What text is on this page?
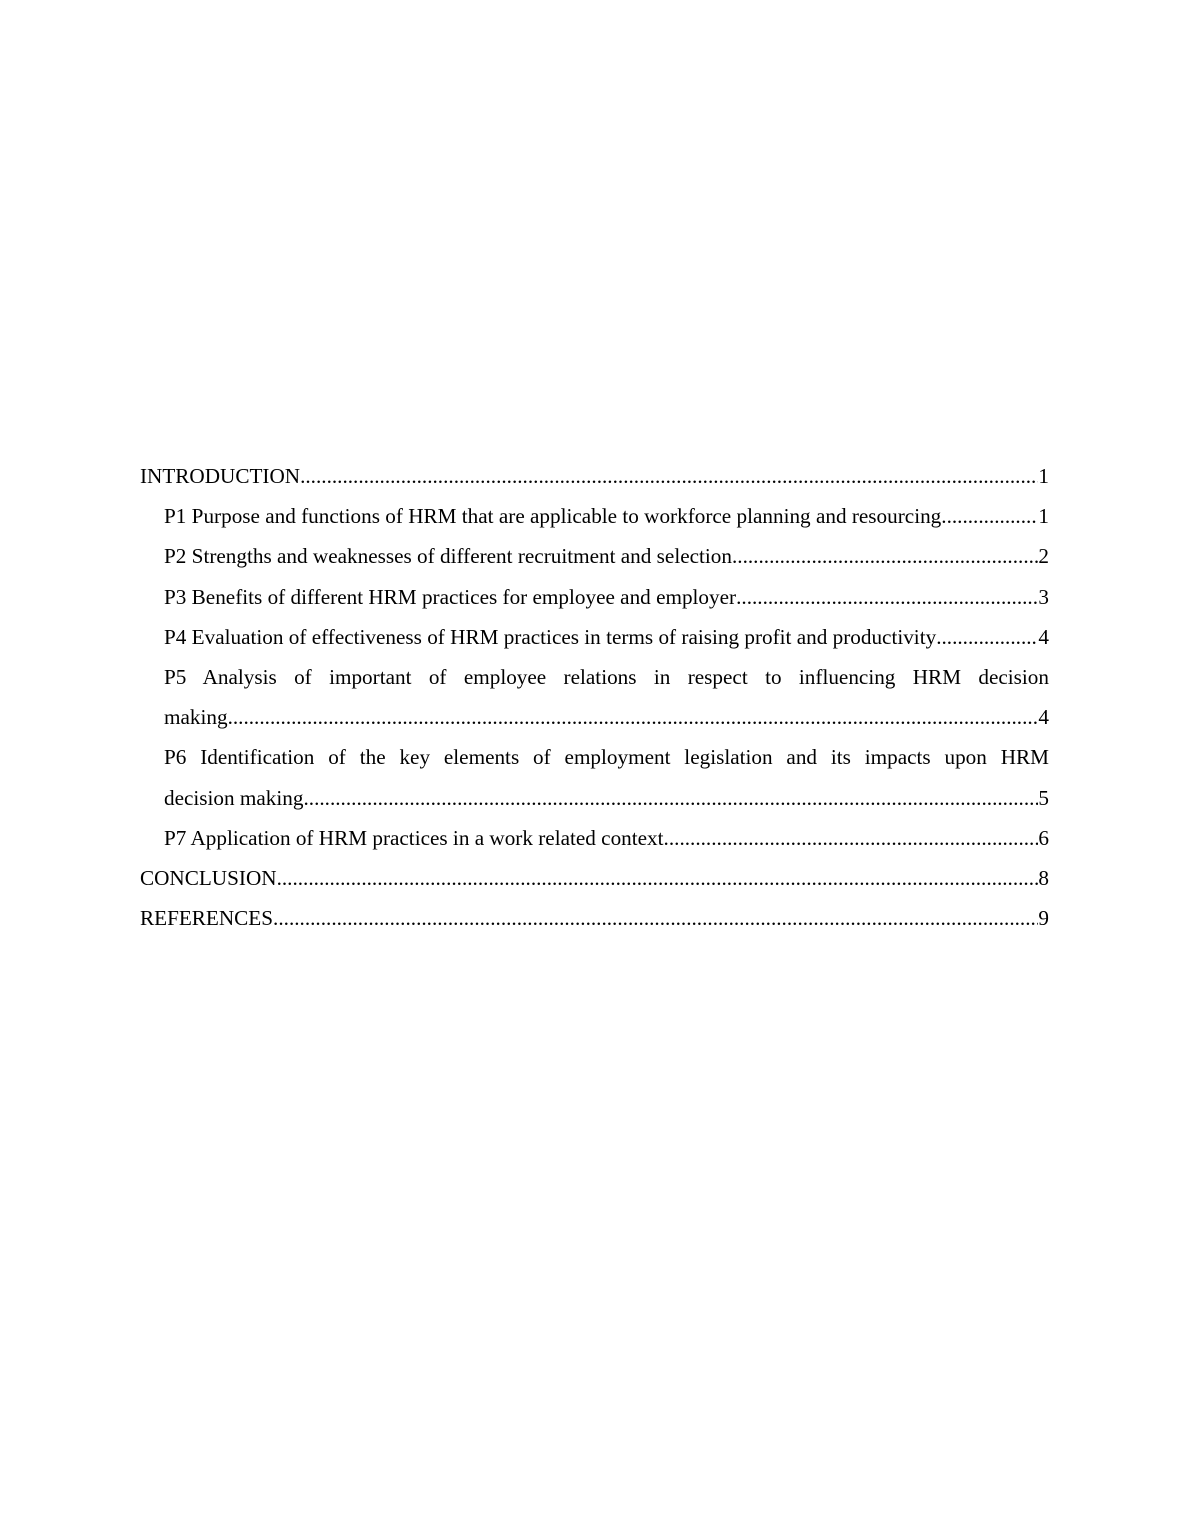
INTRODUCTION .....	1
P1 Purpose and functions of HRM that are applicable to workforce planning and resourcing .....	1
P2 Strengths and weaknesses of different recruitment and selection .....	2
P3 Benefits of different HRM practices for employee and employer .....	3
P4 Evaluation of effectiveness of HRM practices in terms of raising profit and productivity .....	4
P5 Analysis of important of employee relations in respect to influencing HRM decision
making .....	4
P6 Identification of the key elements of employment legislation and its impacts upon HRM
decision making .....	5
P7 Application of HRM practices in a work related context .....	6
CONCLUSION .....	8
REFERENCES .....	9
